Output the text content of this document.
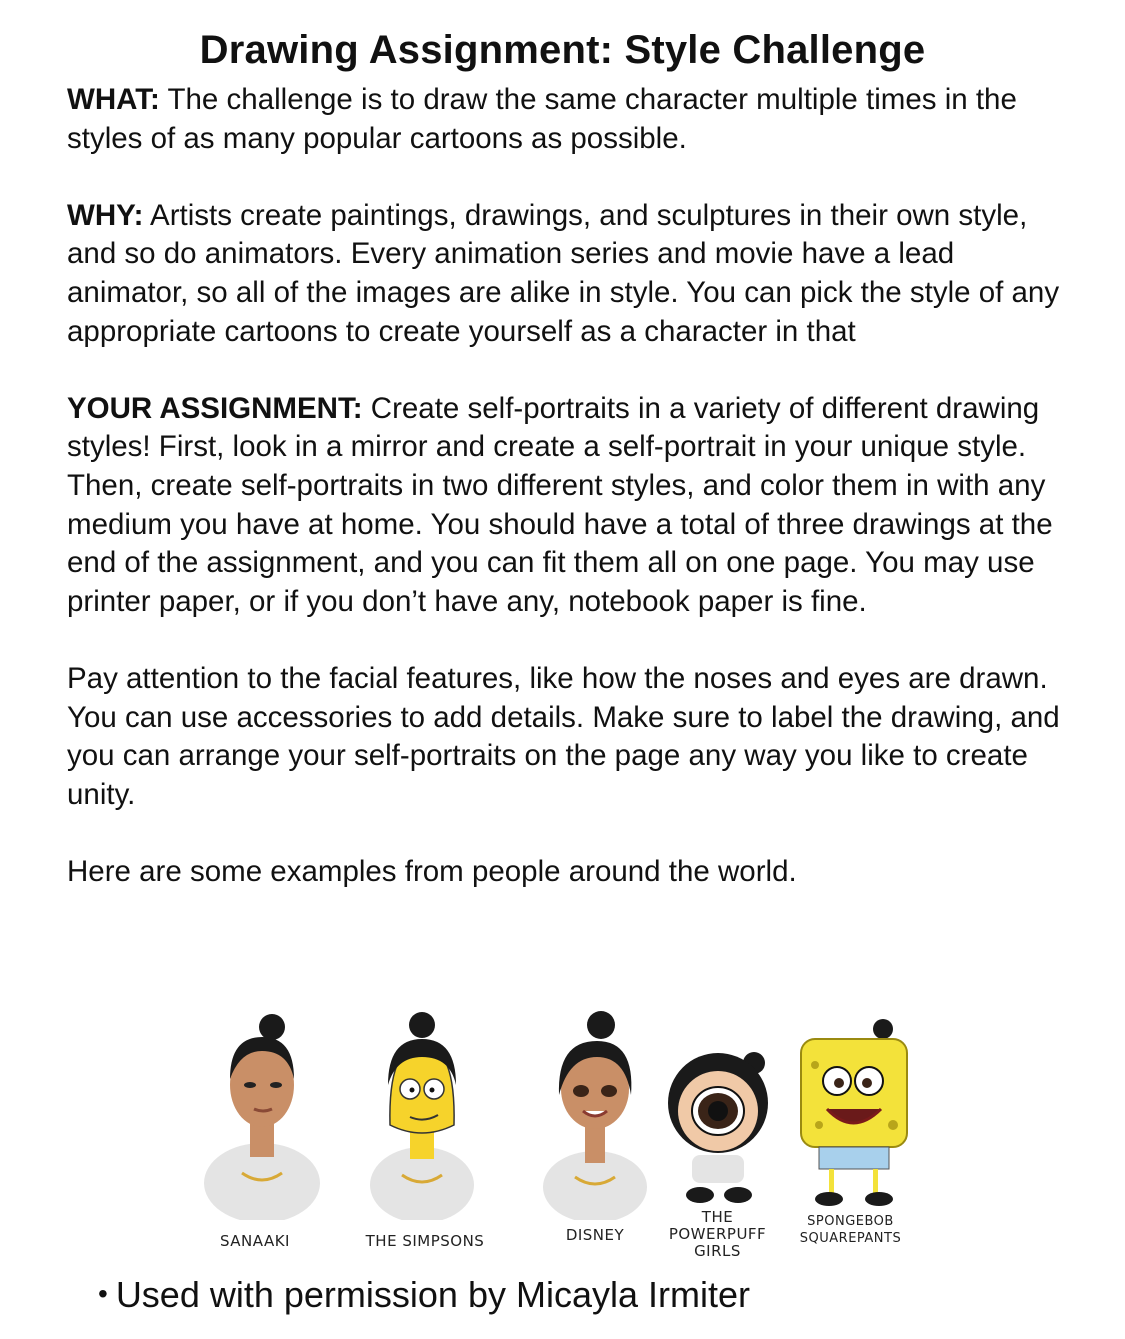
Drawing Assignment: Style Challenge

WHAT: The challenge is to draw the same character multiple times in the styles of as many popular cartoons as possible.

WHY: Artists create paintings, drawings, and sculptures in their own style, and so do animators. Every animation series and movie have a lead animator, so all of the images are alike in style. You can pick the style of any appropriate cartoons to create yourself as a character in that

YOUR ASSIGNMENT: Create self-portraits in a variety of different drawing styles! First, look in a mirror and create a self-portrait in your unique style. Then, create self-portraits in two different styles, and color them in with any medium you have at home. You should have a total of three drawings at the end of the assignment, and you can fit them all on one page. You may use printer paper, or if you don’t have any, notebook paper is fine.

Pay attention to the facial features, like how the noses and eyes are drawn. You can use accessories to add details. Make sure to label the drawing, and you can arrange your self-portraits on the page any way you like to create unity.

Here are some examples from people around the world.

SANAAKI	THE SIMPSONS	DISNEY
THE POWERPUFF GIRLS
SPONGEBOB SQUAREPANTS

• Used with permission by Micayla Irmiter
